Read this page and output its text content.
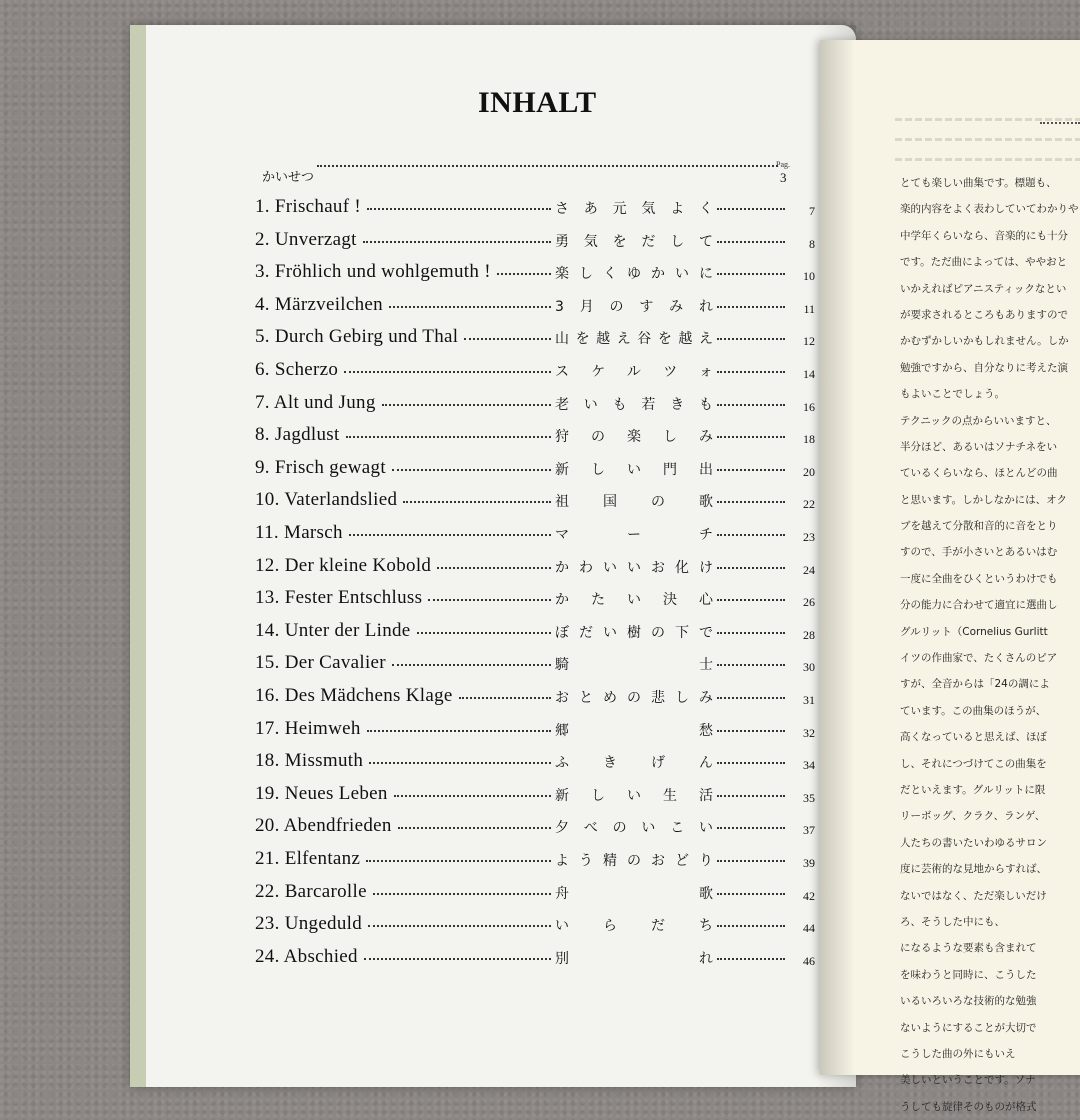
INHALT
Pag.
かいせつ	3
1. Frischauf !	さあ元気よく	7
2. Unverzagt	勇気をだして	8
3. Fröhlich und wohlgemuth !	楽しくゆかいに	10
4. Märzveilchen	3月のすみれ	11
5. Durch Gebirg und Thal	山を越え谷を越え	12
6. Scherzo	スケルツォ	14
7. Alt und Jung	老いも若きも	16
8. Jagdlust	狩の楽しみ	18
9. Frisch gewagt	新しい門出	20
10. Vaterlandslied	祖国の歌	22
11. Marsch	マーチ	23
12. Der kleine Kobold	かわいいお化け	24
13. Fester Entschluss	かたい決心	26
14. Unter der Linde	ぼだい樹の下で	28
15. Der Cavalier	騎士	30
16. Des Mädchens Klage	おとめの悲しみ	31
17. Heimweh	郷愁	32
18. Missmuth	ふきげん	34
19. Neues Leben	新しい生活	35
20. Abendfrieden	夕べのいこい	37
21. Elfentanz	よう精のおどり	39
22. Barcarolle	舟歌	42
23. Ungeduld	いらだち	44
24. Abschied	別れ	46

とても楽しい曲集です。標題も、

楽的内容をよく表わしていてわかりや

中学年くらいなら、音楽的にも十分

です。ただ曲によっては、ややおと

いかえればピアニスティックなとい

が要求されるところもありますので

かむずかしいかもしれません。しか

勉強ですから、自分なりに考えた演

もよいことでしょう。

テクニックの点からいいますと、

半分ほど、あるいはソナチネをい

ているくらいなら、ほとんどの曲

と思います。しかしなかには、オク

ブを越えて分散和音的に音をとり

すので、手が小さいとあるいはむ

一度に全曲をひくというわけでも

分の能力に合わせて適宜に選曲し

グルリット（Cornelius Gurlitt

イツの作曲家で、たくさんのピア

すが、全音からは「24の調によ

ています。この曲集のほうが、

高くなっていると思えば、ほぼ

し、それにつづけてこの曲集を

だといえます。グルリットに限

リーボッグ、クラク、ランゲ、

人たちの書いたいわゆるサロン

度に芸術的な見地からすれば、

ないではなく、ただ楽しいだけ

ろ、そうした中にも、

になるような要素も含まれて

を味わうと同時に、こうした

いるいろいろな技術的な勉強

ないようにすることが大切で

こうした曲の外にもいえ

美しいということです。ソナ

うしても旋律そのものが格式
